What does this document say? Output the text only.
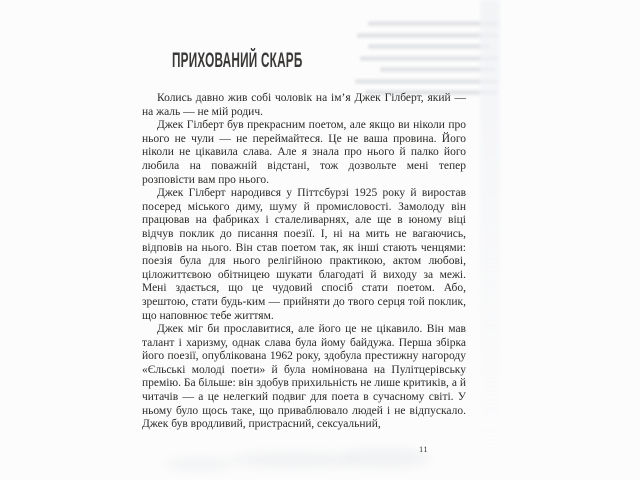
ПРИХОВАНИЙ СКАРБ

Колись давно жив собі чоловік на ім’я Джек Гілберт, який — на жаль — не мій родич.

Джек Гілберт був прекрасним поетом, але якщо ви ніколи про нього не чули — не переймайтеся. Це не ваша провина. Його ніколи не цікавила слава. Але я знала про нього й палко його любила на поважній відстані, тож дозвольте мені тепер розповісти вам про нього.

Джек Гілберт народився у Піттсбурзі 1925 року й виростав посеред міського диму, шуму й промисловості. Замолоду він працював на фабриках і сталеливарнях, але ще в юному віці відчув поклик до писання поезії. І, ні на мить не вагаючись, відповів на нього. Він став поетом так, як інші стають ченцями: поезія була для нього релігійною практикою, актом любові, ціложиттєвою обітницею шукати благодаті й виходу за межі. Мені здається, що це чудовий спосіб стати поетом. Або, зрештою, стати будь-ким — прийняти до твого серця той поклик, що наповнює тебе життям.

Джек міг би прославитися, але його це не цікавило. Він мав талант і харизму, однак слава була йому байдужа. Перша збірка його поезії, опублікована 1962 року, здобула престижну нагороду «Єльські молоді поети» й була номінована на Пулітцерівську премію. Ба більше: він здобув прихильність не лише критиків, а й читачів — а це нелегкий подвиг для поета в сучасному світі. У ньому було щось таке, що приваблювало людей і не відпускало. Джек був вродливий, пристрасний, сексуальний,

11
